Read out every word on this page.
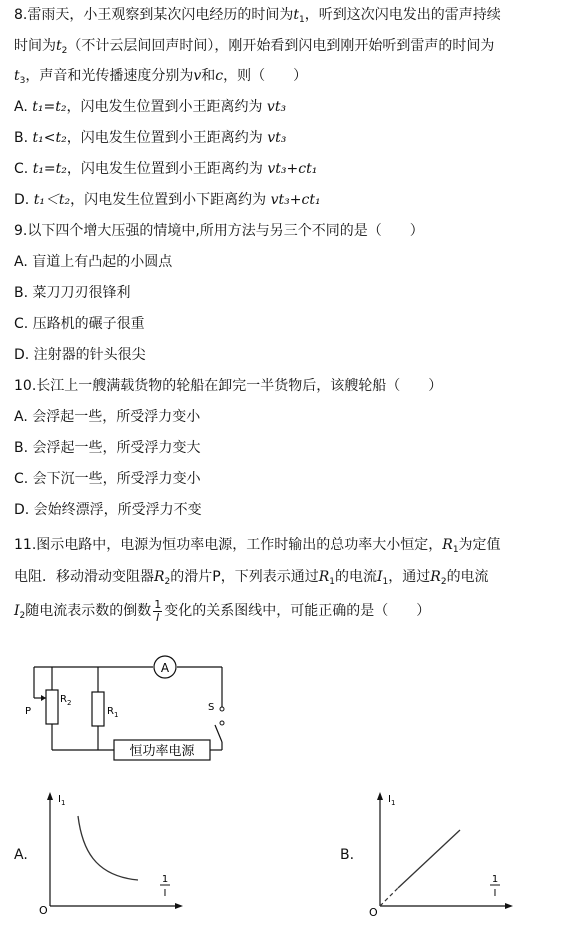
8.雷雨天，小王观察到某次闪电经历的时间为$t_1$，听到这次闪电发出的雷声持续
时间为$t_2$（不计云层间回声时间），刚开始看到闪电到刚开始听到雷声的时间为
$t_3$，声音和光传播速度分别为v和c，则（　　）
A. t₁=t₂，闪电发生位置到小王距离约为 vt₃
B. t₁<t₂，闪电发生位置到小王距离约为 vt₃
C. t₁=t₂，闪电发生位置到小王距离约为 vt₃+ct₁
D. t₁＜t₂，闪电发生位置到小下距离约为 vt₃+ct₁
9.以下四个增大压强的情境中,所用方法与另三个不同的是（　　）
A. 盲道上有凸起的小圆点
B. 菜刀刀刃很锋利
C. 压路机的碾子很重
D. 注射器的针头很尖
10.长江上一艘满载货物的轮船在卸完一半货物后，该艘轮船（　　）
A. 会浮起一些，所受浮力变小
B. 会浮起一些，所受浮力变大
C. 会下沉一些，所受浮力变小
D. 会始终漂浮，所受浮力不变
11.图示电路中，电源为恒功率电源，工作时输出的总功率大小恒定，$R_1$为定值
电阻．移动滑动变阻器$R_2$的滑片P，下列表示通过$R_1$的电流$I_1$，通过$R_2$的电流
$I_2$随电流表示数的倒数 $\frac{1}{I}$ 变化的关系图线中，可能正确的是（　　）
A
P
$R_2$
$R_1$
S
恒功率电源
A.
$I_1$
1
I
O
B.
$I_1$
1
I
O
